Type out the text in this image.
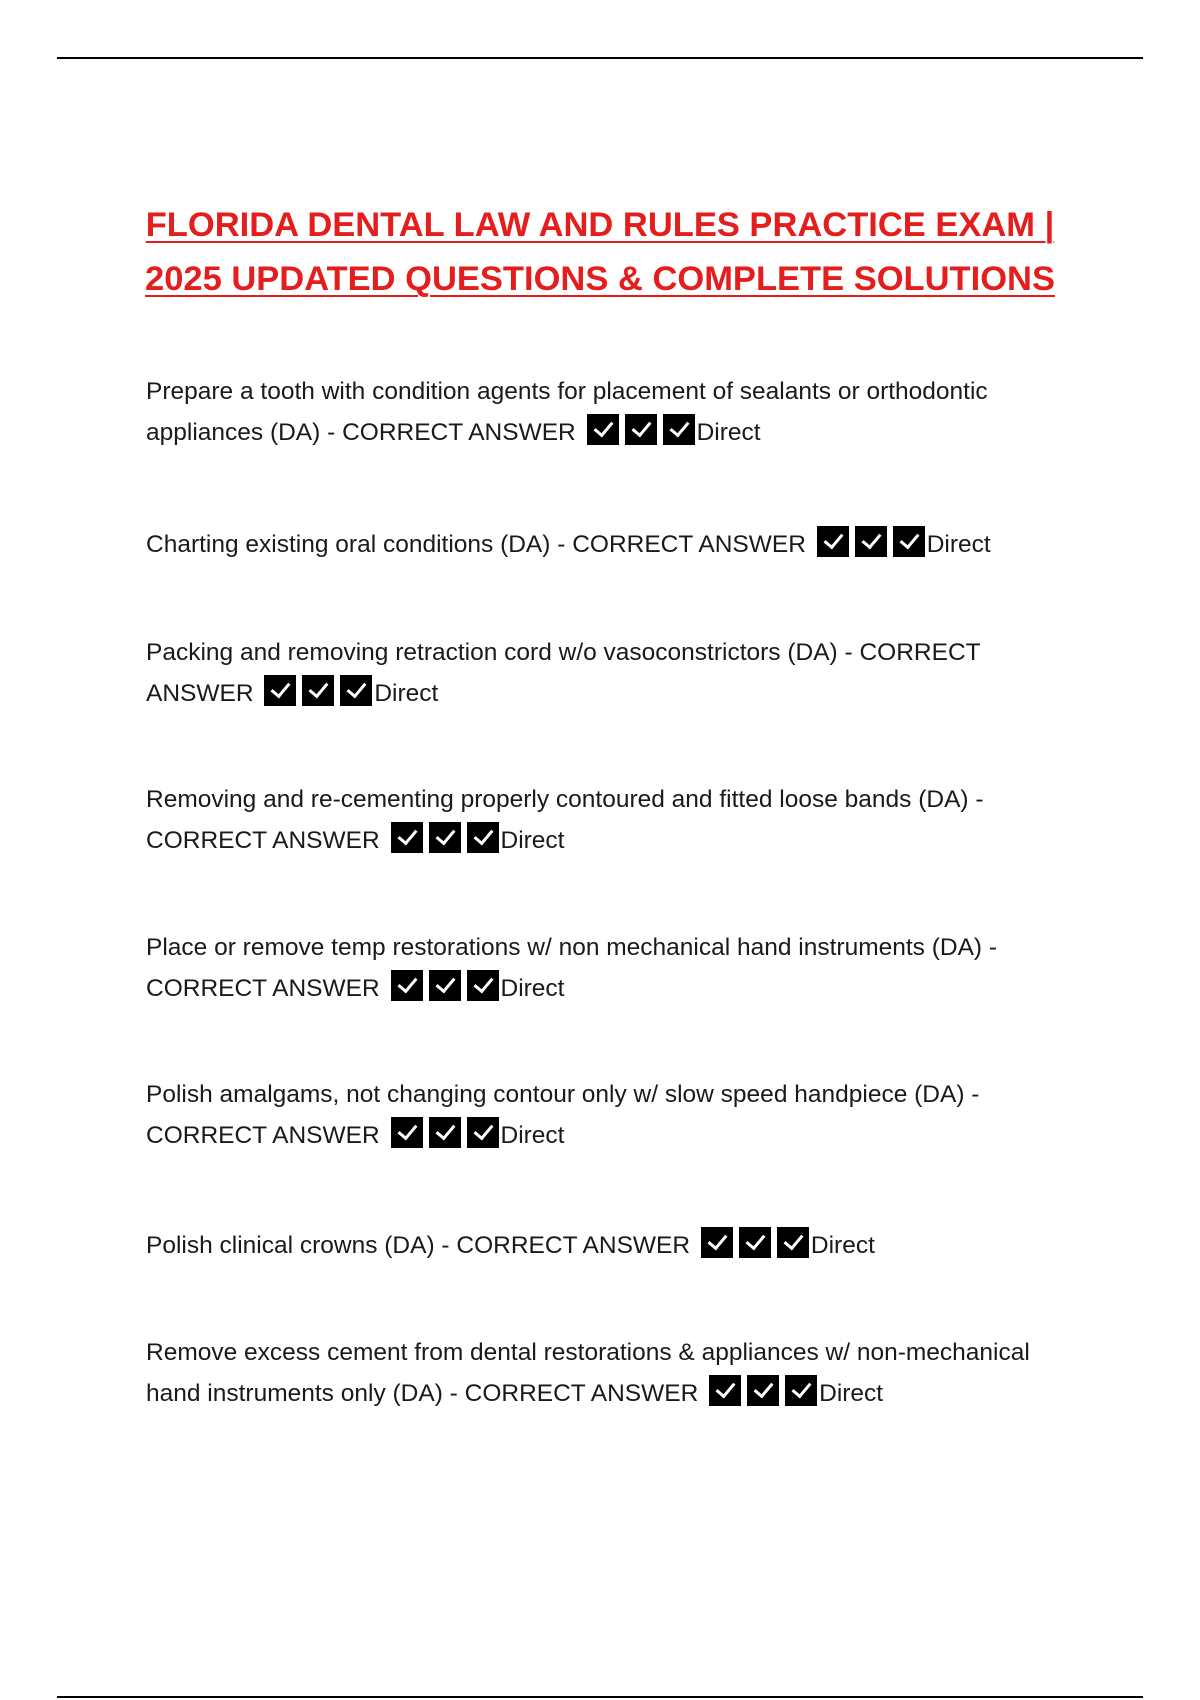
FLORIDA DENTAL LAW AND RULES PRACTICE EXAM |
2025 UPDATED QUESTIONS & COMPLETE SOLUTIONS
Prepare a tooth with condition agents for placement of sealants or orthodontic appliances (DA) - CORRECT ANSWER	Direct
Charting existing oral conditions (DA) - CORRECT ANSWER	Direct
Packing and removing retraction cord w/o vasoconstrictors (DA) - CORRECT ANSWER	Direct
Removing and re-cementing properly contoured and fitted loose bands (DA) - CORRECT ANSWER	Direct
Place or remove temp restorations w/ non mechanical hand instruments (DA) - CORRECT ANSWER	Direct
Polish amalgams, not changing contour only w/ slow speed handpiece (DA) - CORRECT ANSWER	Direct
Polish clinical crowns (DA) - CORRECT ANSWER	Direct
Remove excess cement from dental restorations & appliances w/ non-mechanical hand instruments only (DA) - CORRECT ANSWER	Direct
